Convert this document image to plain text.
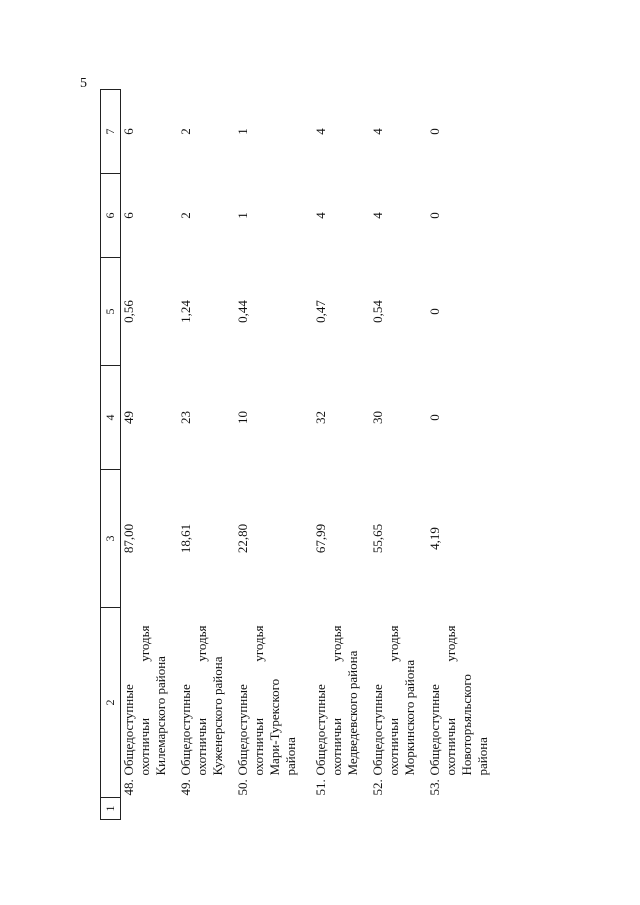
5
1	2	3	4	5	6	7

	48.Общедоступные охотничьи
угодья
Килемарского района	87,00	49	0,56	6	6

	49.Общедоступные охотничьи
угодья
Куженерского района	18,61	23	1,24	2	2

	50.Общедоступные охотничьи
угодья
Мари-Турекского района	22,80	10	0,44	1	1

	51.Общедоступные охотничьи
угодья
Медведевского района	67,99	32	0,47	4	4

	52.Общедоступные охотничьи
угодья
Моркинского района	55,65	30	0,54	4	4

	53.Общедоступные охотничьи
угодья
Новоторъяльского района	4,19	0	0	0	0
